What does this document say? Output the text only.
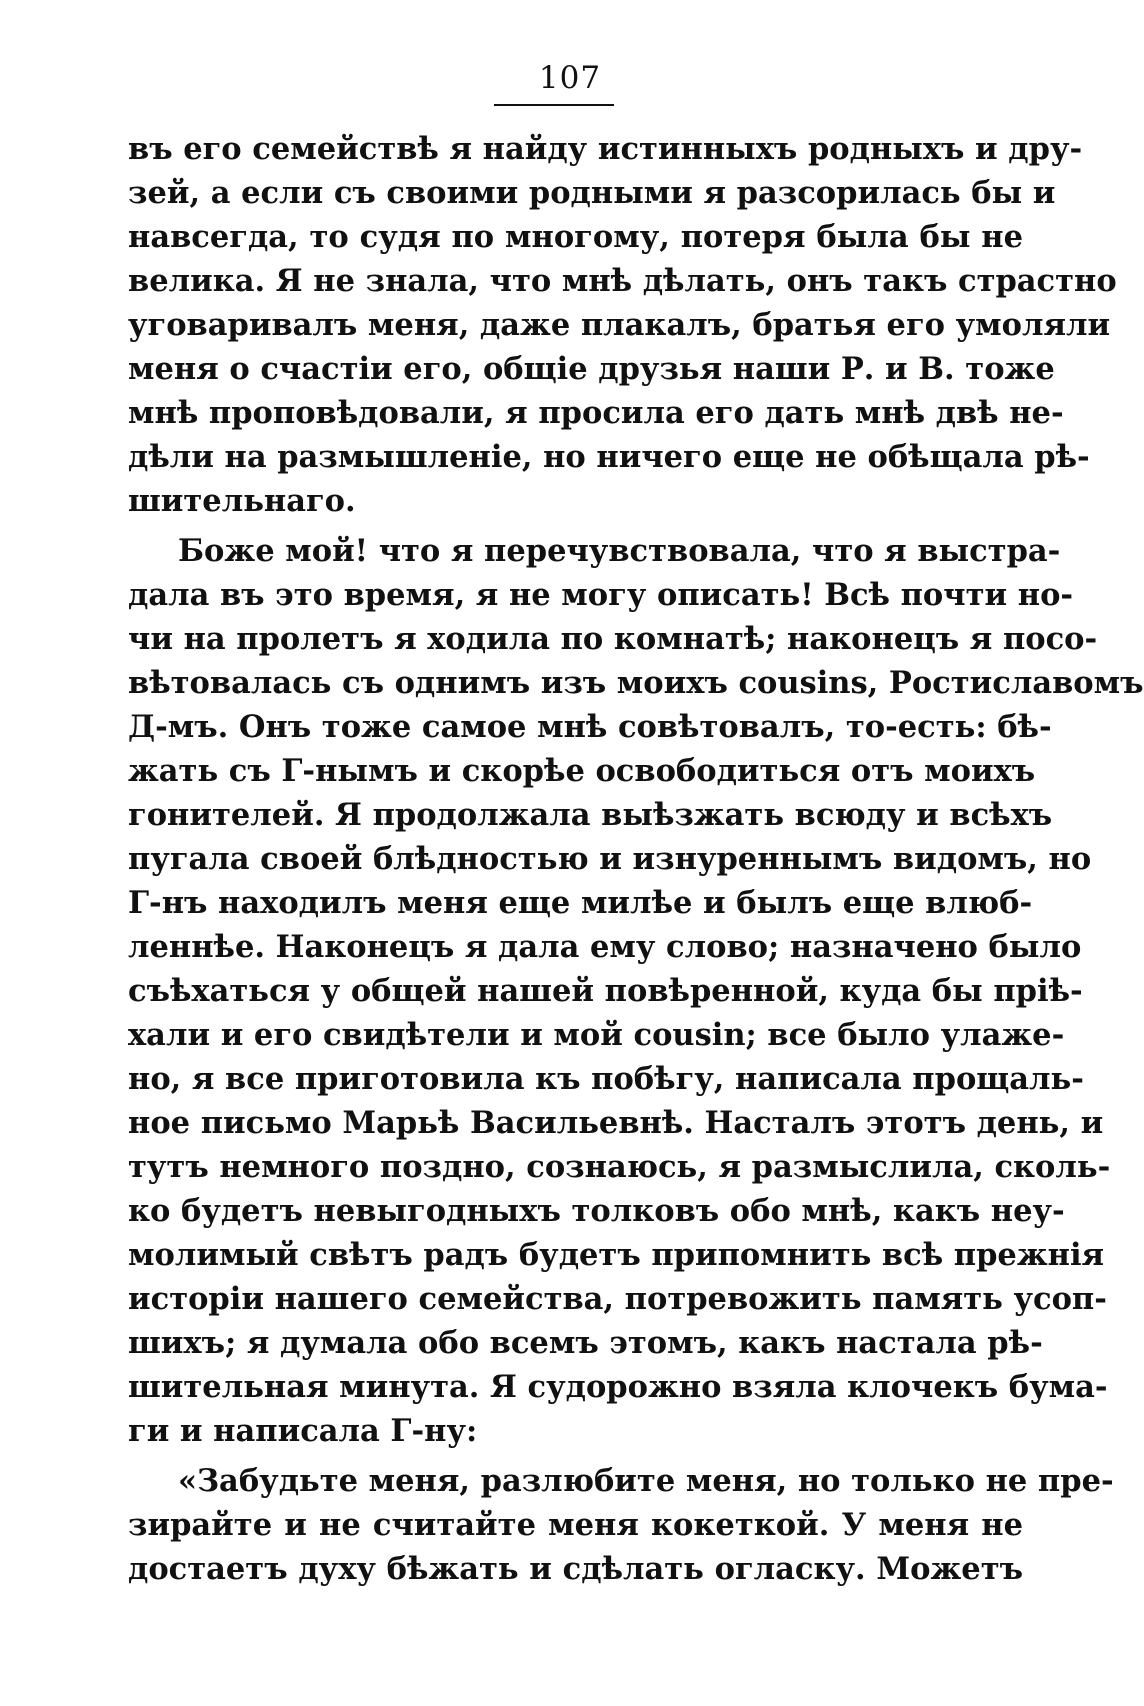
107
въ его семействѣ я найду истинныхъ родныхъ и дру-
зей, а если съ своими родными я разсорилась бы и
навсегда, то судя по многому, потеря была бы не
велика. Я не знала, что мнѣ дѣлать, онъ такъ страстно
уговаривалъ меня, даже плакалъ, братья его умоляли
меня о счастіи его, общіе друзья наши Р. и В. тоже
мнѣ проповѣдовали, я просила его дать мнѣ двѣ не-
дѣли на размышленіе, но ничего еще не обѣщала рѣ-
шительнаго.
Боже мой! что я перечувствовала, что я выстра-
дала въ это время, я не могу описать! Всѣ почти но-
чи на пролетъ я ходила по комнатѣ; наконецъ я посо-
вѣтовалась съ однимъ изъ моихъ cousins, Ростиславомъ
Д-мъ. Онъ тоже самое мнѣ совѣтовалъ, то-есть: бѣ-
жать съ Г-нымъ и скорѣе освободиться отъ моихъ
гонителей. Я продолжала выѣзжать всюду и всѣхъ
пугала своей блѣдностью и изнуреннымъ видомъ, но
Г-нъ находилъ меня еще милѣе и былъ еще влюб-
леннѣе. Наконецъ я дала ему слово; назначено было
съѣхаться у общей нашей повѣренной, куда бы пріѣ-
хали и его свидѣтели и мой cousin; все было улаже-
но, я все приготовила къ побѣгу, написала прощаль-
ное письмо Марьѣ Васильевнѣ. Насталъ этотъ день, и
тутъ немного поздно, сознаюсь, я размыслила, сколь-
ко будетъ невыгодныхъ толковъ обо мнѣ, какъ неу-
молимый свѣтъ радъ будетъ припомнить всѣ прежнія
исторіи нашего семейства, потревожить память усоп-
шихъ; я думала обо всемъ этомъ, какъ настала рѣ-
шительная минута. Я судорожно взяла клочекъ бума-
ги и написала Г-ну:
«Забудьте меня, разлюбите меня, но только не пре-
зирайте и не считайте меня кокеткой. У меня не
достаетъ духу бѣжать и сдѣлать огласку. Можетъ
